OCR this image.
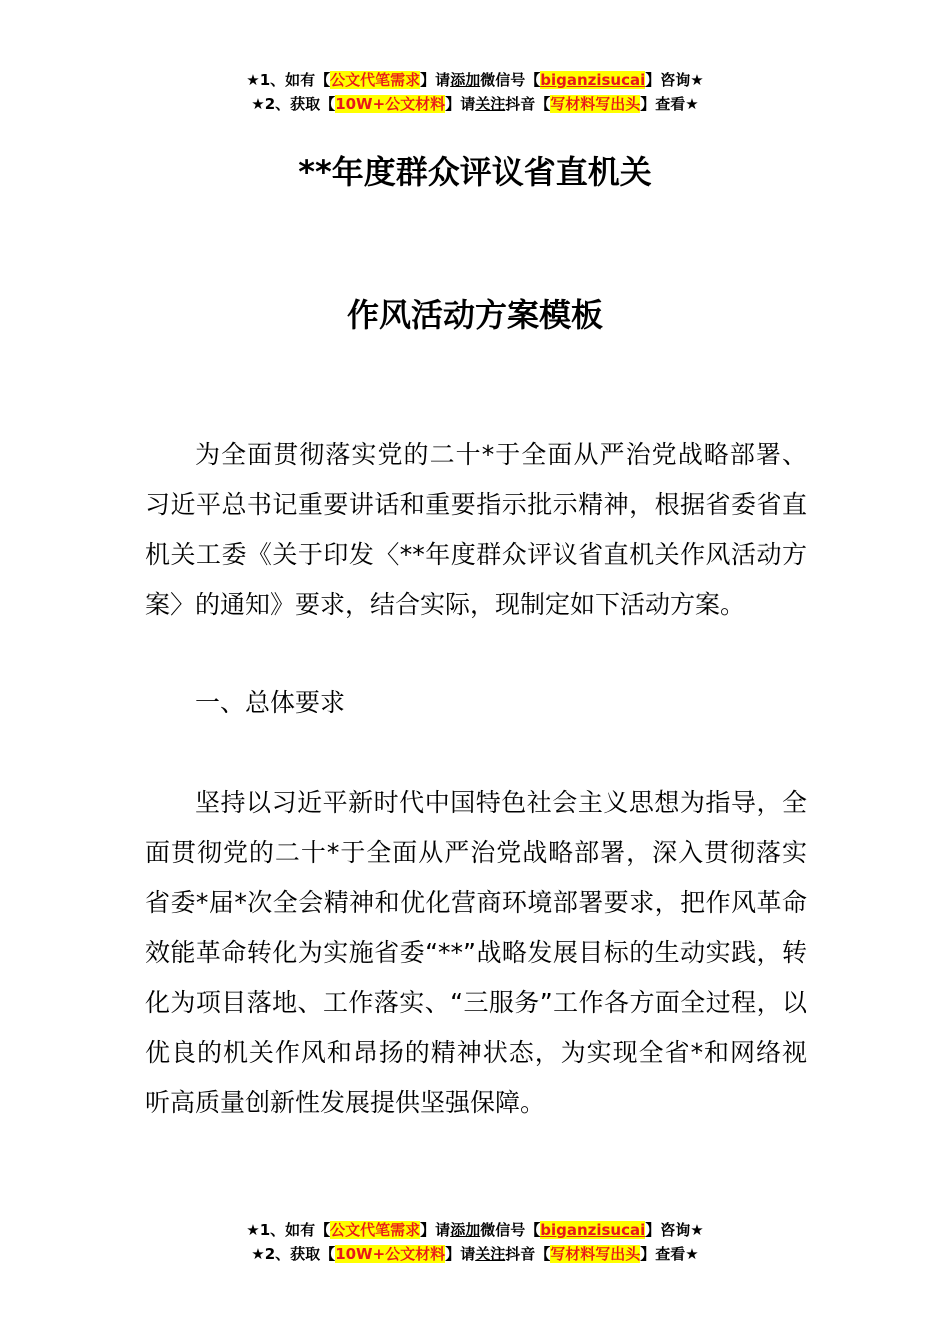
★1、如有【公文代笔需求】请添加微信号【biganzisucai】咨询★
★2、获取【10W+公文材料】请关注抖音【写材料写出头】查看★
**年度群众评议省直机关
作风活动方案模板

为全面贯彻落实党的二十*于全面从严治党战略部署、习近平总书记重要讲话和重要指示批示精神，根据省委省直机关工委《关于印发〈**年度群众评议省直机关作风活动方案〉的通知》要求，结合实际，现制定如下活动方案。

一、总体要求

坚持以习近平新时代中国特色社会主义思想为指导，全面贯彻党的二十*于全面从严治党战略部署，深入贯彻落实省委*届*次全会精神和优化营商环境部署要求，把作风革命效能革命转化为实施省委“**”战略发展目标的生动实践，转化为项目落地、工作落实、“三服务”工作各方面全过程，以优良的机关作风和昂扬的精神状态，为实现全省*和网络视听高质量创新性发展提供坚强保障。

★1、如有【公文代笔需求】请添加微信号【biganzisucai】咨询★
★2、获取【10W+公文材料】请关注抖音【写材料写出头】查看★
